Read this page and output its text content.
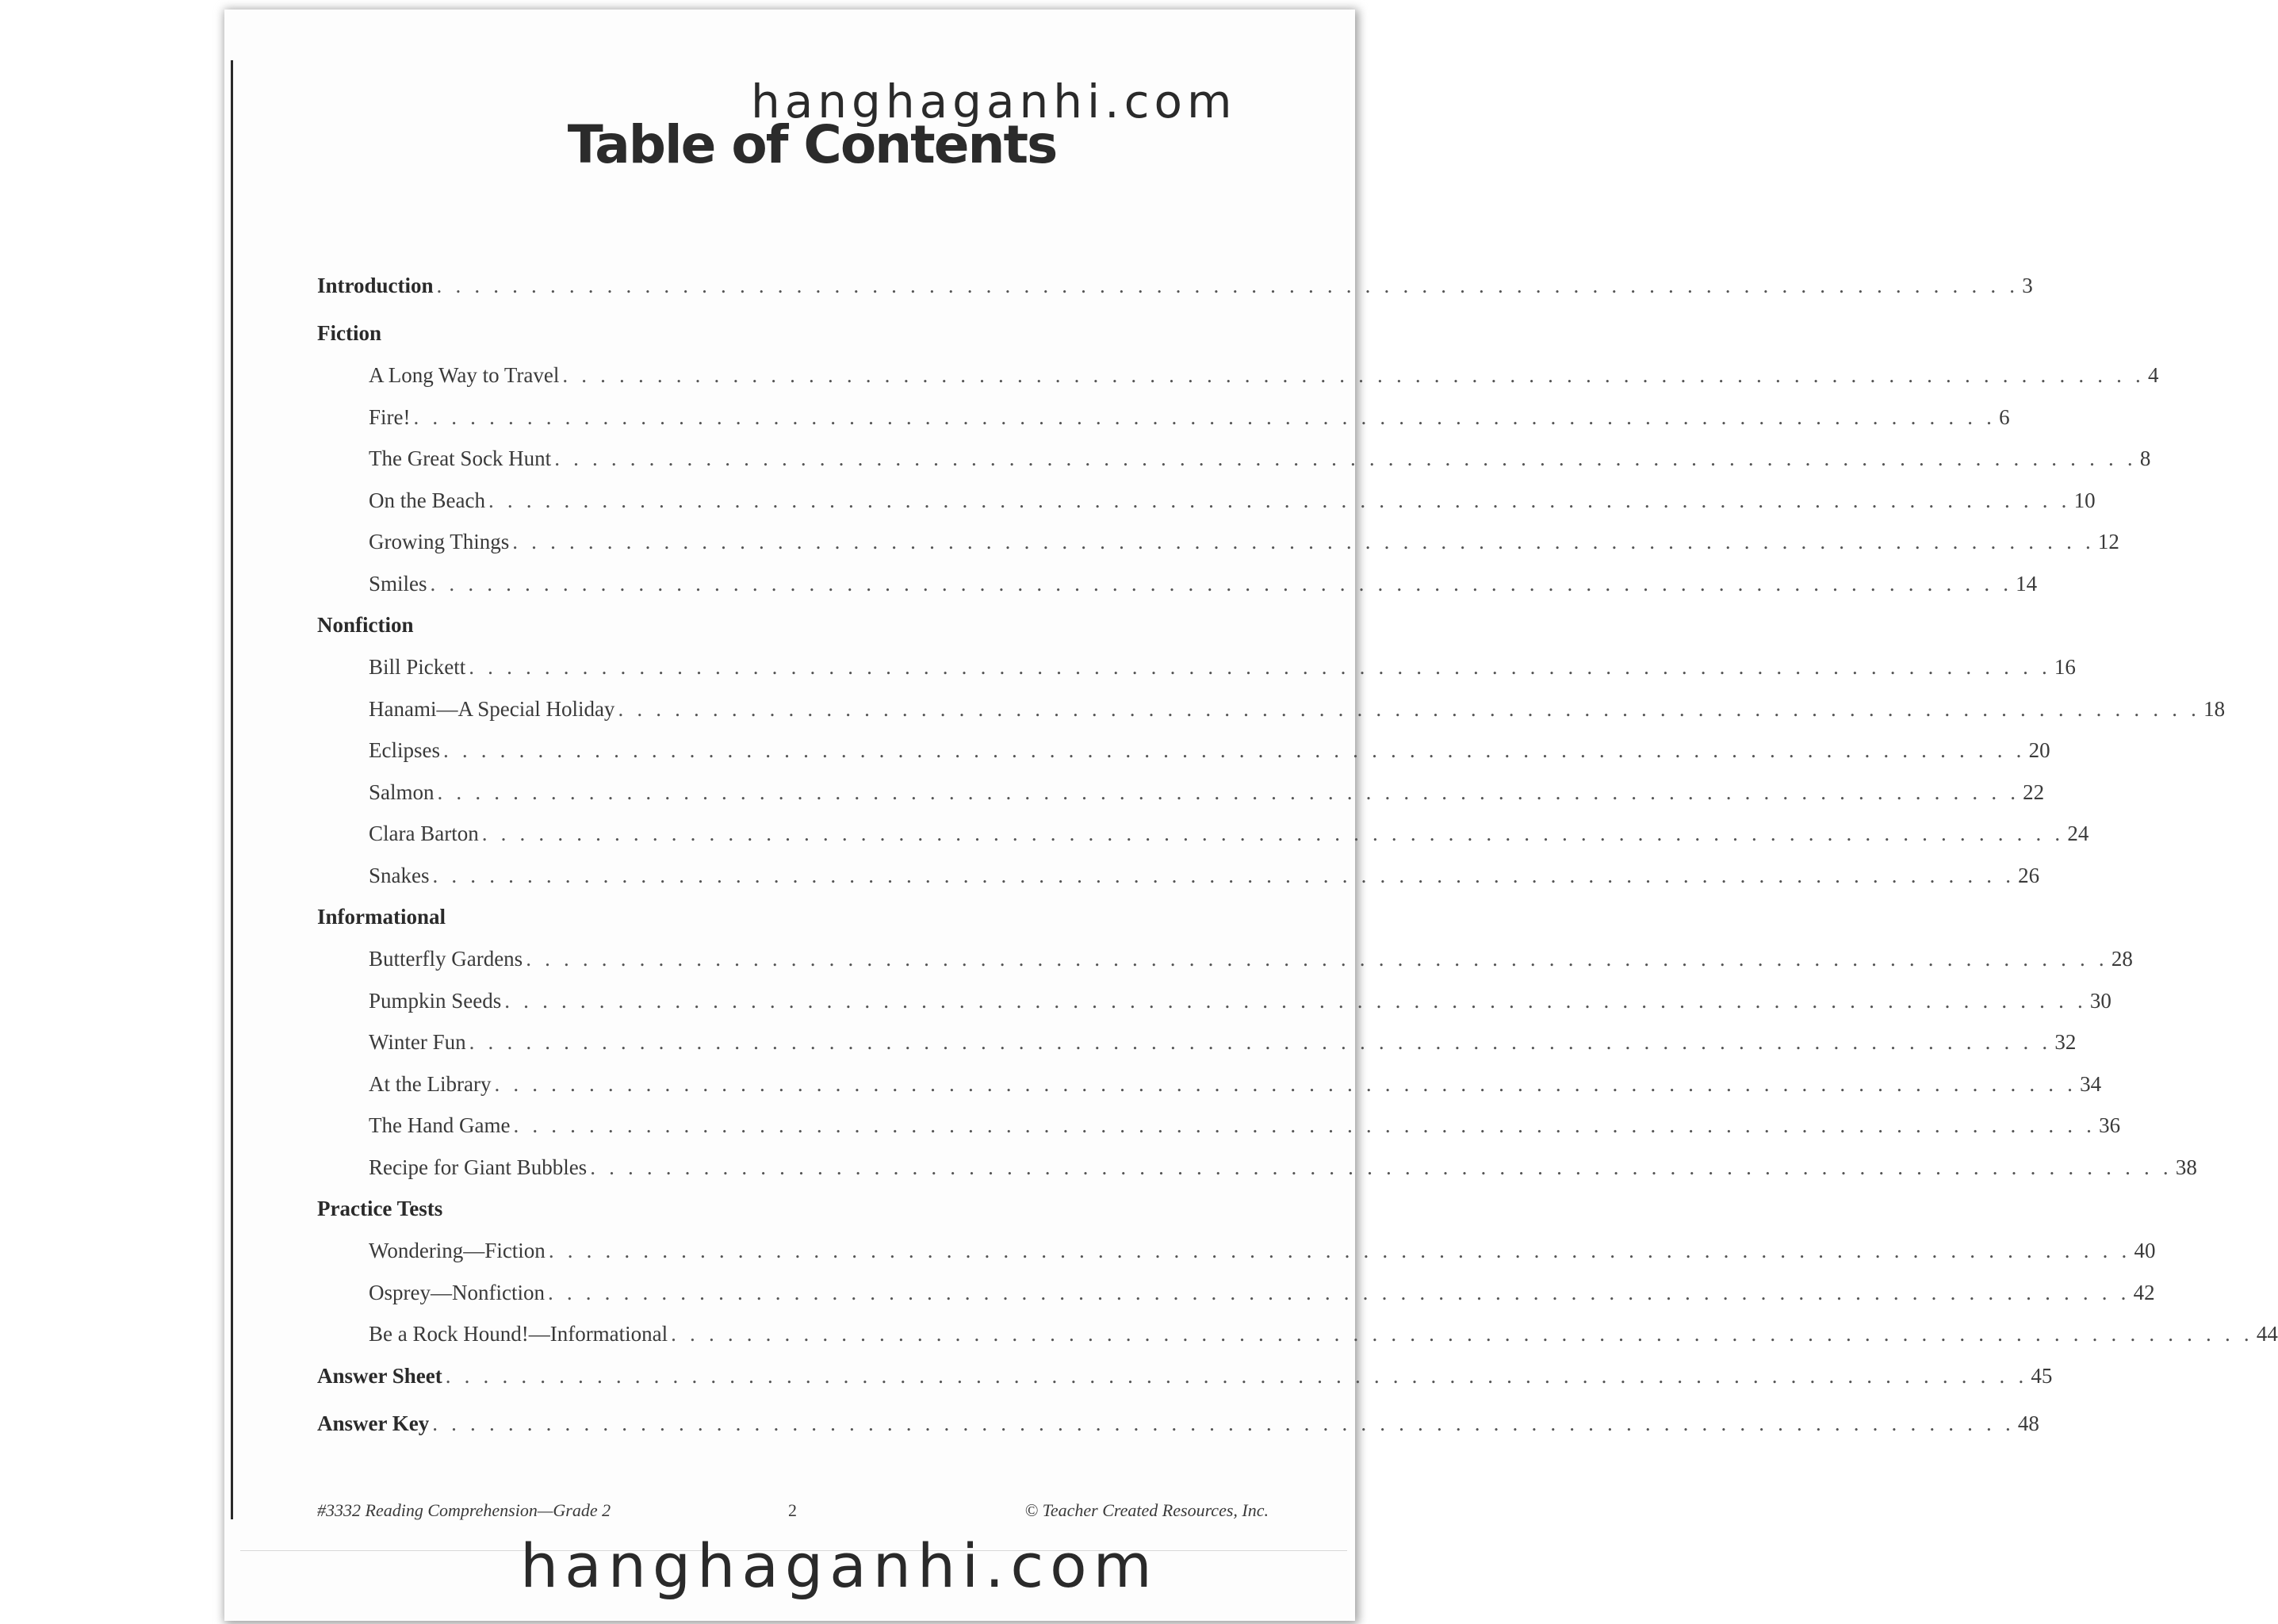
Table of Contents
Introduction . . . . . . . . . . . . . . . . . . . . . . . . . . . . . . . . . . . . . . . . . . . . . . . . . . . . . . . . . . . . . . . . . . . . . . . . . . . . . . . . . . . . 3
Fiction
A Long Way to Travel . . . . . . . . . . . . . . . . . . . . . . . . . . . . . . . . . . . . . . . . . . . . . . . . . . . . . . . . . . . . . . . . . . . . . . . . . . . . . . . . . . . . 4
Fire! . . . . . . . . . . . . . . . . . . . . . . . . . . . . . . . . . . . . . . . . . . . . . . . . . . . . . . . . . . . . . . . . . . . . . . . . . . . . . . . . . . . . 6
The Great Sock Hunt . . . . . . . . . . . . . . . . . . . . . . . . . . . . . . . . . . . . . . . . . . . . . . . . . . . . . . . . . . . . . . . . . . . . . . . . . . . . . . . . . . . . 8
On the Beach . . . . . . . . . . . . . . . . . . . . . . . . . . . . . . . . . . . . . . . . . . . . . . . . . . . . . . . . . . . . . . . . . . . . . . . . . . . . . . . . . . . . 10
Growing Things . . . . . . . . . . . . . . . . . . . . . . . . . . . . . . . . . . . . . . . . . . . . . . . . . . . . . . . . . . . . . . . . . . . . . . . . . . . . . . . . . . . . 12
Smiles . . . . . . . . . . . . . . . . . . . . . . . . . . . . . . . . . . . . . . . . . . . . . . . . . . . . . . . . . . . . . . . . . . . . . . . . . . . . . . . . . . . . 14
Nonfiction
Bill Pickett . . . . . . . . . . . . . . . . . . . . . . . . . . . . . . . . . . . . . . . . . . . . . . . . . . . . . . . . . . . . . . . . . . . . . . . . . . . . . . . . . . . . 16
Hanami—A Special Holiday . . . . . . . . . . . . . . . . . . . . . . . . . . . . . . . . . . . . . . . . . . . . . . . . . . . . . . . . . . . . . . . . . . . . . . . . . . . . . . . . . . . . 18
Eclipses . . . . . . . . . . . . . . . . . . . . . . . . . . . . . . . . . . . . . . . . . . . . . . . . . . . . . . . . . . . . . . . . . . . . . . . . . . . . . . . . . . . . 20
Salmon . . . . . . . . . . . . . . . . . . . . . . . . . . . . . . . . . . . . . . . . . . . . . . . . . . . . . . . . . . . . . . . . . . . . . . . . . . . . . . . . . . . . 22
Clara Barton . . . . . . . . . . . . . . . . . . . . . . . . . . . . . . . . . . . . . . . . . . . . . . . . . . . . . . . . . . . . . . . . . . . . . . . . . . . . . . . . . . . . 24
Snakes . . . . . . . . . . . . . . . . . . . . . . . . . . . . . . . . . . . . . . . . . . . . . . . . . . . . . . . . . . . . . . . . . . . . . . . . . . . . . . . . . . . . 26
Informational
Butterfly Gardens . . . . . . . . . . . . . . . . . . . . . . . . . . . . . . . . . . . . . . . . . . . . . . . . . . . . . . . . . . . . . . . . . . . . . . . . . . . . . . . . . . . . 28
Pumpkin Seeds . . . . . . . . . . . . . . . . . . . . . . . . . . . . . . . . . . . . . . . . . . . . . . . . . . . . . . . . . . . . . . . . . . . . . . . . . . . . . . . . . . . . 30
Winter Fun . . . . . . . . . . . . . . . . . . . . . . . . . . . . . . . . . . . . . . . . . . . . . . . . . . . . . . . . . . . . . . . . . . . . . . . . . . . . . . . . . . . . 32
At the Library . . . . . . . . . . . . . . . . . . . . . . . . . . . . . . . . . . . . . . . . . . . . . . . . . . . . . . . . . . . . . . . . . . . . . . . . . . . . . . . . . . . . 34
The Hand Game . . . . . . . . . . . . . . . . . . . . . . . . . . . . . . . . . . . . . . . . . . . . . . . . . . . . . . . . . . . . . . . . . . . . . . . . . . . . . . . . . . . . 36
Recipe for Giant Bubbles . . . . . . . . . . . . . . . . . . . . . . . . . . . . . . . . . . . . . . . . . . . . . . . . . . . . . . . . . . . . . . . . . . . . . . . . . . . . . . . . . . . . 38
Practice Tests
Wondering—Fiction . . . . . . . . . . . . . . . . . . . . . . . . . . . . . . . . . . . . . . . . . . . . . . . . . . . . . . . . . . . . . . . . . . . . . . . . . . . . . . . . . . . . 40
Osprey—Nonfiction . . . . . . . . . . . . . . . . . . . . . . . . . . . . . . . . . . . . . . . . . . . . . . . . . . . . . . . . . . . . . . . . . . . . . . . . . . . . . . . . . . . . 42
Be a Rock Hound!—Informational . . . . . . . . . . . . . . . . . . . . . . . . . . . . . . . . . . . . . . . . . . . . . . . . . . . . . . . . . . . . . . . . . . . . . . . . . . . . . . . . . . . . 44
Answer Sheet . . . . . . . . . . . . . . . . . . . . . . . . . . . . . . . . . . . . . . . . . . . . . . . . . . . . . . . . . . . . . . . . . . . . . . . . . . . . . . . . . . . . 45
Answer Key . . . . . . . . . . . . . . . . . . . . . . . . . . . . . . . . . . . . . . . . . . . . . . . . . . . . . . . . . . . . . . . . . . . . . . . . . . . . . . . . . . . . 48
#3332 Reading Comprehension—Grade 2	2	© Teacher Created Resources, Inc.
hanghaganhi.com
hanghaganhi.com
